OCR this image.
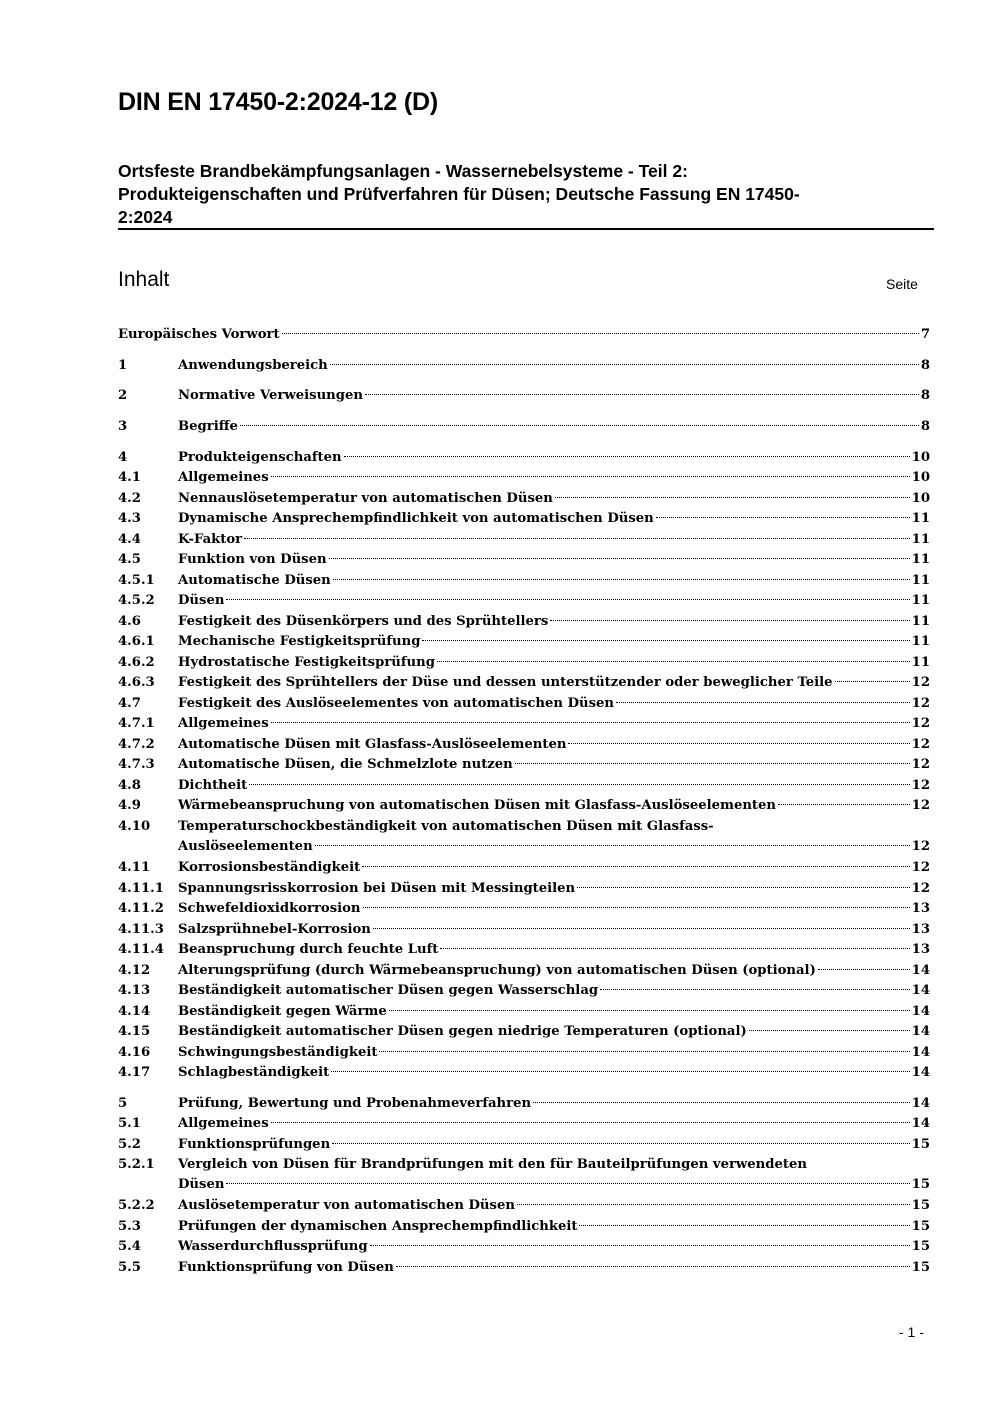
DIN EN 17450-2:2024-12 (D)
Ortsfeste Brandbekämpfungsanlagen - Wassernebelsysteme - Teil 2:
Produkteigenschaften und Prüfverfahren für Düsen; Deutsche Fassung EN 17450-
2:2024
Inhalt	Seite
Europäisches Vorwort	7
1	Anwendungsbereich	8
2	Normative Verweisungen	8
3	Begriffe	8
4	Produkteigenschaften	10
4.1	Allgemeines	10
4.2	Nennauslösetemperatur von automatischen Düsen	10
4.3	Dynamische Ansprechempfindlichkeit von automatischen Düsen	11
4.4	K-Faktor	11
4.5	Funktion von Düsen	11
4.5.1 Automatische Düsen	11
4.5.2 Düsen	11
4.6	Festigkeit des Düsenkörpers und des Sprühtellers	11
4.6.1 Mechanische Festigkeitsprüfung	11
4.6.2 Hydrostatische Festigkeitsprüfung	11
4.6.3 Festigkeit des Sprühtellers der Düse und dessen unterstützender oder beweglicher Teile	12
4.7	Festigkeit des Auslöseelementes von automatischen Düsen	12
4.7.1 Allgemeines	12
4.7.2 Automatische Düsen mit Glasfass-Auslöseelementen	12
4.7.3 Automatische Düsen, die Schmelzlote nutzen	12
4.8	Dichtheit	12
4.9	Wärmebeanspruchung von automatischen Düsen mit Glasfass-Auslöseelementen	12
4.10 Temperaturschockbeständigkeit von automatischen Düsen mit Glasfass-
Auslöseelementen	12
4.11 Korrosionsbeständigkeit	12
4.11.1 Spannungsrisskorrosion bei Düsen mit Messingteilen	12
4.11.2 Schwefeldioxidkorrosion	13
4.11.3 Salzsprühnebel-Korrosion	13
4.11.4 Beanspruchung durch feuchte Luft	13
4.12 Alterungsprüfung (durch Wärmebeanspruchung) von automatischen Düsen (optional)	14
4.13 Beständigkeit automatischer Düsen gegen Wasserschlag	14
4.14 Beständigkeit gegen Wärme	14
4.15 Beständigkeit automatischer Düsen gegen niedrige Temperaturen (optional)	14
4.16 Schwingungsbeständigkeit	14
4.17 Schlagbeständigkeit	14
5	Prüfung, Bewertung und Probenahmeverfahren	14
5.1	Allgemeines	14
5.2	Funktionsprüfungen	15
5.2.1 Vergleich von Düsen für Brandprüfungen mit den für Bauteilprüfungen verwendeten
Düsen	15
5.2.2 Auslösetemperatur von automatischen Düsen	15
5.3	Prüfungen der dynamischen Ansprechempfindlichkeit	15
5.4	Wasserdurchflussprüfung	15
5.5	Funktionsprüfung von Düsen	15
- 1 -
